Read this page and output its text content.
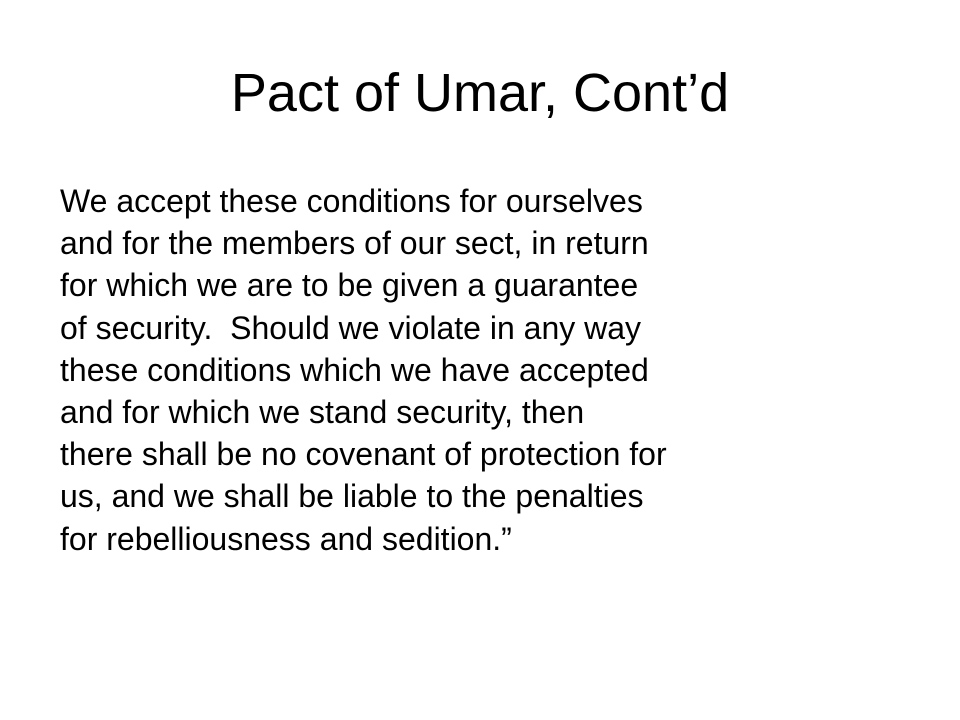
Pact of Umar, Cont’d

We accept these conditions for ourselves
and for the members of our sect, in return
for which we are to be given a guarantee
of security.  Should we violate in any way
these conditions which we have accepted
and for which we stand security, then
there shall be no covenant of protection for
us, and we shall be liable to the penalties
for rebelliousness and sedition.”
